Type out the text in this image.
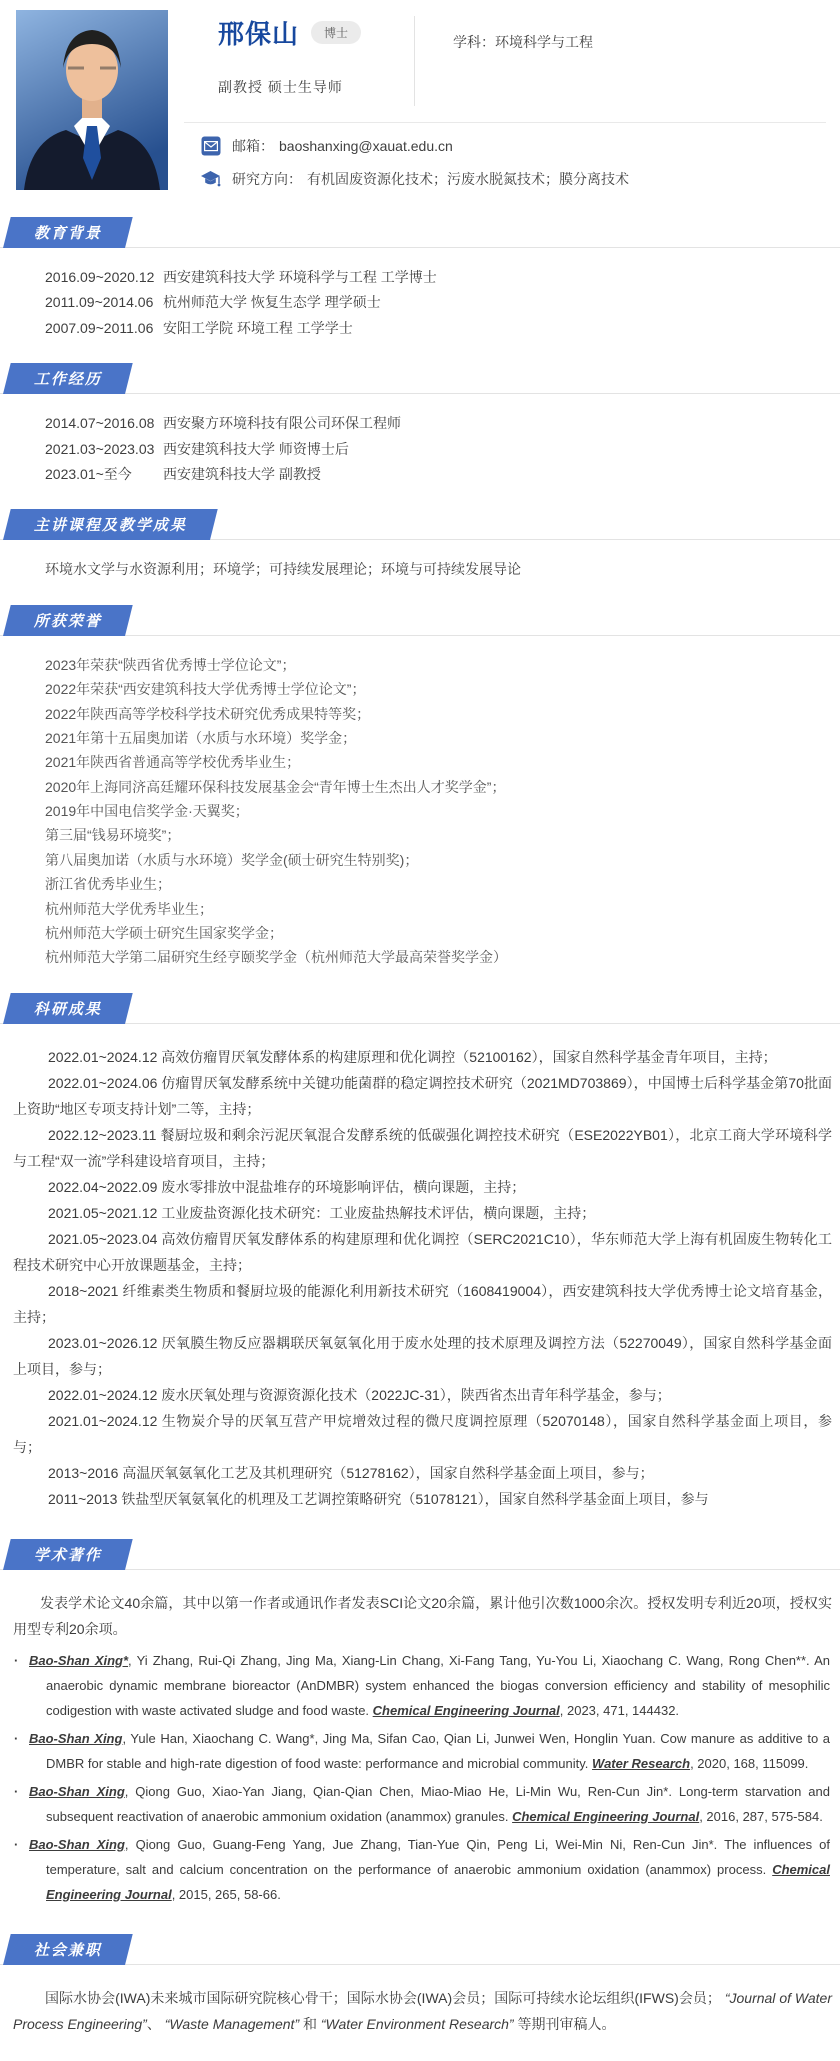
邢保山	博士
副教授 硕士生导师
学科：环境科学与工程
邮箱： baoshanxing@xauat.edu.cn
研究方向： 有机固废资源化技术；污废水脱氮技术；膜分离技术
教育背景
2016.09~2020.12 西安建筑科技大学 环境科学与工程 工学博士
2011.09~2014.06 杭州师范大学 恢复生态学 理学硕士
2007.09~2011.06 安阳工学院 环境工程 工学学士
工作经历
2014.07~2016.08 西安聚方环境科技有限公司环保工程师
2021.03~2023.03 西安建筑科技大学 师资博士后
2023.01~至今	西安建筑科技大学 副教授
主讲课程及教学成果
环境水文学与水资源利用；环境学；可持续发展理论；环境与可持续发展导论
所获荣誉
2023年荣获“陕西省优秀博士学位论文”；
2022年荣获“西安建筑科技大学优秀博士学位论文”；
2022年陕西高等学校科学技术研究优秀成果特等奖；
2021年第十五届奥加诺（水质与水环境）奖学金；
2021年陕西省普通高等学校优秀毕业生；
2020年上海同济高廷耀环保科技发展基金会“青年博士生杰出人才奖学金”；
2019年中国电信奖学金·天翼奖；
第三届“钱易环境奖”；
第八届奥加诺（水质与水环境）奖学金(硕士研究生特别奖)；
浙江省优秀毕业生；
杭州师范大学优秀毕业生；
杭州师范大学硕士研究生国家奖学金；
杭州师范大学第二届研究生经亨颐奖学金（杭州师范大学最高荣誉奖学金）
科研成果

2022.01~2024.12 高效仿瘤胃厌氧发酵体系的构建原理和优化调控（52100162），国家自然科学基金青年项目，主持；

2022.01~2024.06 仿瘤胃厌氧发酵系统中关键功能菌群的稳定调控技术研究（2021MD703869），中国博士后科学基金第70批面上资助“地区专项支持计划”二等，主持；

2022.12~2023.11 餐厨垃圾和剩余污泥厌氧混合发酵系统的低碳强化调控技术研究（ESE2022YB01），北京工商大学环境科学与工程“双一流”学科建设培育项目，主持；

2022.04~2022.09 废水零排放中混盐堆存的环境影响评估，横向课题，主持；

2021.05~2021.12 工业废盐资源化技术研究：工业废盐热解技术评估，横向课题，主持；

2021.05~2023.04 高效仿瘤胃厌氧发酵体系的构建原理和优化调控（SERC2021C10），华东师范大学上海有机固废生物转化工程技术研究中心开放课题基金，主持；

2018~2021 纤维素类生物质和餐厨垃圾的能源化利用新技术研究（1608419004），西安建筑科技大学优秀博士论文培育基金，主持；

2023.01~2026.12 厌氧膜生物反应器耦联厌氧氨氧化用于废水处理的技术原理及调控方法（52270049），国家自然科学基金面上项目，参与；

2022.01~2024.12 废水厌氧处理与资源资源化技术（2022JC-31），陕西省杰出青年科学基金，参与；

2021.01~2024.12 生物炭介导的厌氧互营产甲烷增效过程的微尺度调控原理（52070148），国家自然科学基金面上项目，参与；

2013~2016 高温厌氧氨氧化工艺及其机理研究（51278162），国家自然科学基金面上项目，参与；

2011~2013 铁盐型厌氧氨氧化的机理及工艺调控策略研究（51078121），国家自然科学基金面上项目，参与

学术著作

发表学术论文40余篇，其中以第一作者或通讯作者发表SCI论文20余篇，累计他引次数1000余次。授权发明专利近20项，授权实用型专利20余项。

· Bao-Shan Xing*, Yi Zhang, Rui-Qi Zhang, Jing Ma, Xiang-Lin Chang, Xi-Fang Tang, Yu-You Li, Xiaochang C. Wang, Rong Chen**. An anaerobic dynamic membrane bioreactor (AnDMBR) system enhanced the biogas conversion efficiency and stability of mesophilic codigestion with waste activated sludge and food waste. Chemical Engineering Journal, 2023, 471, 144432.
· Bao-Shan Xing, Yule Han, Xiaochang C. Wang*, Jing Ma, Sifan Cao, Qian Li, Junwei Wen, Honglin Yuan. Cow manure as additive to a DMBR for stable and high-rate digestion of food waste: performance and microbial community. Water Research, 2020, 168, 115099.
· Bao-Shan Xing, Qiong Guo, Xiao-Yan Jiang, Qian-Qian Chen, Miao-Miao He, Li-Min Wu, Ren-Cun Jin*. Long-term starvation and subsequent reactivation of anaerobic ammonium oxidation (anammox) granules. Chemical Engineering Journal, 2016, 287, 575-584.
· Bao-Shan Xing, Qiong Guo, Guang-Feng Yang, Jue Zhang, Tian-Yue Qin, Peng Li, Wei-Min Ni, Ren-Cun Jin*. The influences of temperature, salt and calcium concentration on the performance of anaerobic ammonium oxidation (anammox) process. Chemical Engineering Journal, 2015, 265, 58-66.
社会兼职

国际水协会(IWA)未来城市国际研究院核心骨干；国际水协会(IWA)会员；国际可持续水论坛组织(IFWS)会员； “Journal of Water Process Engineering”、 “Waste Management” 和 “Water Environment Research” 等期刊审稿人。
